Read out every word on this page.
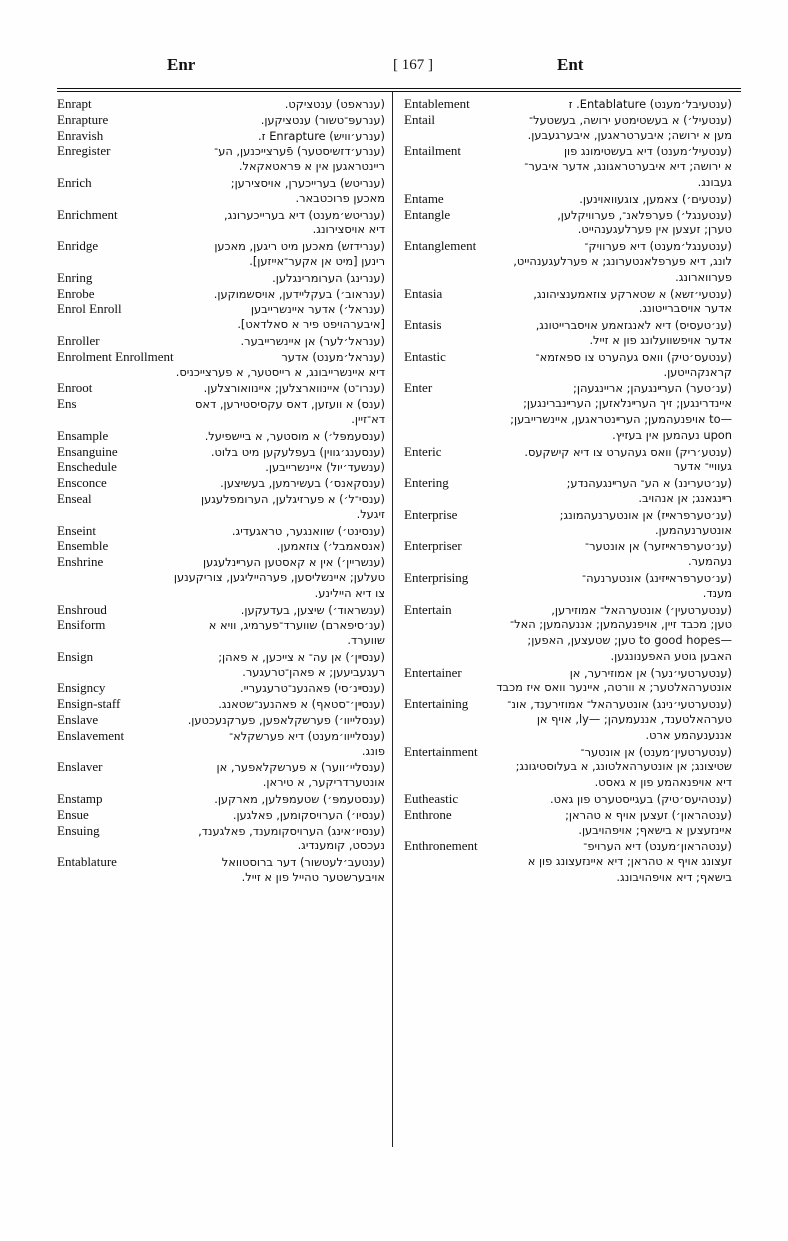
Enr	[ 167 ]	Ent
Enrapt	(ענראפט) ענטציקט.
Enrapture	(ענרעפּ־טשור) ענטציקען.
Enravish	(ענרע׳וויש) Enrapture ז.
Enregister	(ענרע׳דזשיסטער) פֿערצייכנען, הע־
ריינטראגען אין א פּראטאקאל.
Enrich	(ענריטש) בערייכערן, אויסצירען;
מאכען פרוכטבאר.
Enrichment	(ענריטש׳מענט) דיא בערייכערונג,
דיא אויסצירונג.
Enridge	(ענרידזש) מאכען מיט ריגען, מאכען
רינען [מיט אן אקער־אייזען].
Enring	(ענרינג) הערומרינגלען.
Enrobe	(ענראוב׳) בעקליידען, אויסשמוקען.
Enrol Enroll	(ענראל׳) אדער איינשרייבען
[איבערהויפט פיר א סאלדאט].
Enroller	(ענראל׳לער) אן איינשרייבער.
Enrolment Enrollment	(ענראל׳מענט) אדער
דיא איינשרייבונג, א רייסטער, א פערצייכניס.
Enroot	(ענרו־ט) איינווארצלען; איינוואורצלען.
Ens	(ענס) א וועזען, דאס עקסיסטירען, דאס
דא־זיין.
Ensample	(ענסעמפּל׳) א מוסטער, א ביישפיעל.
Ensanguine	(ענסענג׳גווין) בעפלעקען מיט בלוט.
Enschedule	(ענשעד׳יול) איינשרייבען.
Ensconce	(ענסקאנס׳) בעשירמען, בעשיצען.
Enseal	(ענסי־ל׳) א פערזיגלען, הערומפלעגען
זיגעל.
Enseint	(ענסינט׳) שוואנגער, טראגעדיג.
Ensemble	(אנסאמבל׳) צוזאמען.
Enshrine	(ענשריין׳) אין א קאסטען הערײנלעגען
טעלען; איינשליסען, פערהייליגען, צוריקענען
צו דיא היילינע.
Enshroud	(ענשראוד׳) שיצען, בעדעקען.
Ensiform	(ענ׳סיפארם) שווערד־פערמיג, וויא א
שווערד.
Ensign	(ענסײן׳) אן עה־ א צייכען, א פאהן;
רעגעביעען; א פאהן־טרעגער.
Ensigncy	(ענסײנ׳סי) פאהנענ־טרעגעריי.
Ensign-staff	(ענסײן׳־סטאף) א פאהנענ־שטאנג.
Enslave	(ענסלייוו׳) פערשקלאפען, פערקנעכטען.
Enslavement	(ענסלייוו׳מענט) דיא פערשקלא־
פונג.
Enslaver	(ענסליי׳ווער) א פערשקלאפער, אן
אונטערדריקער, א טיראן.
Enstamp	(ענסטעמפּ׳) שטעמפּלען, מארקען.
Ensue	(ענסיו׳) הערויסקומען, פאלגען.
Ensuing	(ענסיו׳אינג) הערויסקומענד, פאלגענד,
נעכסט, קומענדיג.
Entablature	(ענטעב׳לעטשור) דער ברוסטוואל
אויבערשטער טהייל פון א זייל.
Entablement	(ענטעיבל׳מענט) Entablature. ז
Entail	(ענטעיל׳) א בעשטימטע ירושה, בעשטעל־
מען א ירושה; איבערטראגען, איבערגעבען.
Entailment	(ענטעיל׳מענט) דיא בעשטימונג פון
א ירושה; דיא איבערטראגונג, אדער איבער־
געבונג.
Entame	(ענטעים׳) צאמען, צוגעוואוינען.
Entangle	(ענטענגל׳) פערפלאנ־, פערוויקלען,
טערן; זעצען אין פערלעגענהייט.
Entanglement	(ענטענגל׳מענט) דיא פערוויק־
לונג, דיא פערפלאנטערונג; א פערלעגענהייט,
פערווארונג.
Entasia	(ענטעי׳זשא) א שטארקע צוזאמענציהונג,
אדער אויסברייטונג.
Entasis	(ענ׳טעסיס) דיא לאנגזאמע אויסברייטונג,
אדער אויפשוועלונג פון א זייל.
Entastic	(ענטעס׳טיק) וואס געהערט צו ספאזמא־
קראנקהייטען.
Enter	(ענ׳טער) הערײנגעהן; אריינגעהן;
איינדרינגען; זיך הערײנלאזען; הערײנברינגען;
—to אויפנעהמען; הערײנטראגען, איינשרייבען;
upon נעהמען אין בעזיץ.
Enteric	(ענטע׳ריק) וואס געהערט צו דיא קישקעס.
געוויי־ אדער
Entering	(ענ׳טעריננ) א הע־ הערײנגעהנדע;
רײנגאנג; אן אנהויב.
Enterprise	(ענ׳טערפראײז) אן אונטערנעהמונג;
אונטערנעהמען.
Enterpriser	(ענ׳טערפראײזער) אן אונטער־
נעהמער.
Enterprising	(ענ׳טערפראײזינג) אונטערנעה־
מענד.
Entertain	(ענטערטעין׳) אונטערהאל־ אמוזירען,
טען; מכבד זיין, אויפנעהמען; אננעהמען; האל־
—to good hopes טען; שטעצען, האפען;
האבען גוטע האפענונגען.
Entertainer	(ענטערטעי׳נער) אן אמוזירער, אן
אונטערהאלטער; א וורטה, איינער וואס איז מכבד
Entertaining	(ענטערטעי׳נינג) אונטערהאל־ אמוזירענד, אונ־
טערהאלטענד, אננעמעהן; —ly, אויף אן
אננענעהמע ארט.
Entertainment	(ענטערטעין׳מענט) אן אונטער־
שטיצונג; אן אונטערהאלטונג, א בעלוסטיגונג;
דיא אויפנאהמע פון א גאסט.
Eutheastic	(ענטהיעס׳טיק) בעגייסטערט פון גאט.
Enthrone	(ענטהראון׳) זעצען אויף א טהראן;
איינזעצען א בישאף; אויפהויבען.
Enthronement	(ענטהראון׳מענט) דיא הערויפ־
זעצונג אויף א טהראן; דיא איינזעצונג פון א
בישאף; דיא אויפהויבונג.
